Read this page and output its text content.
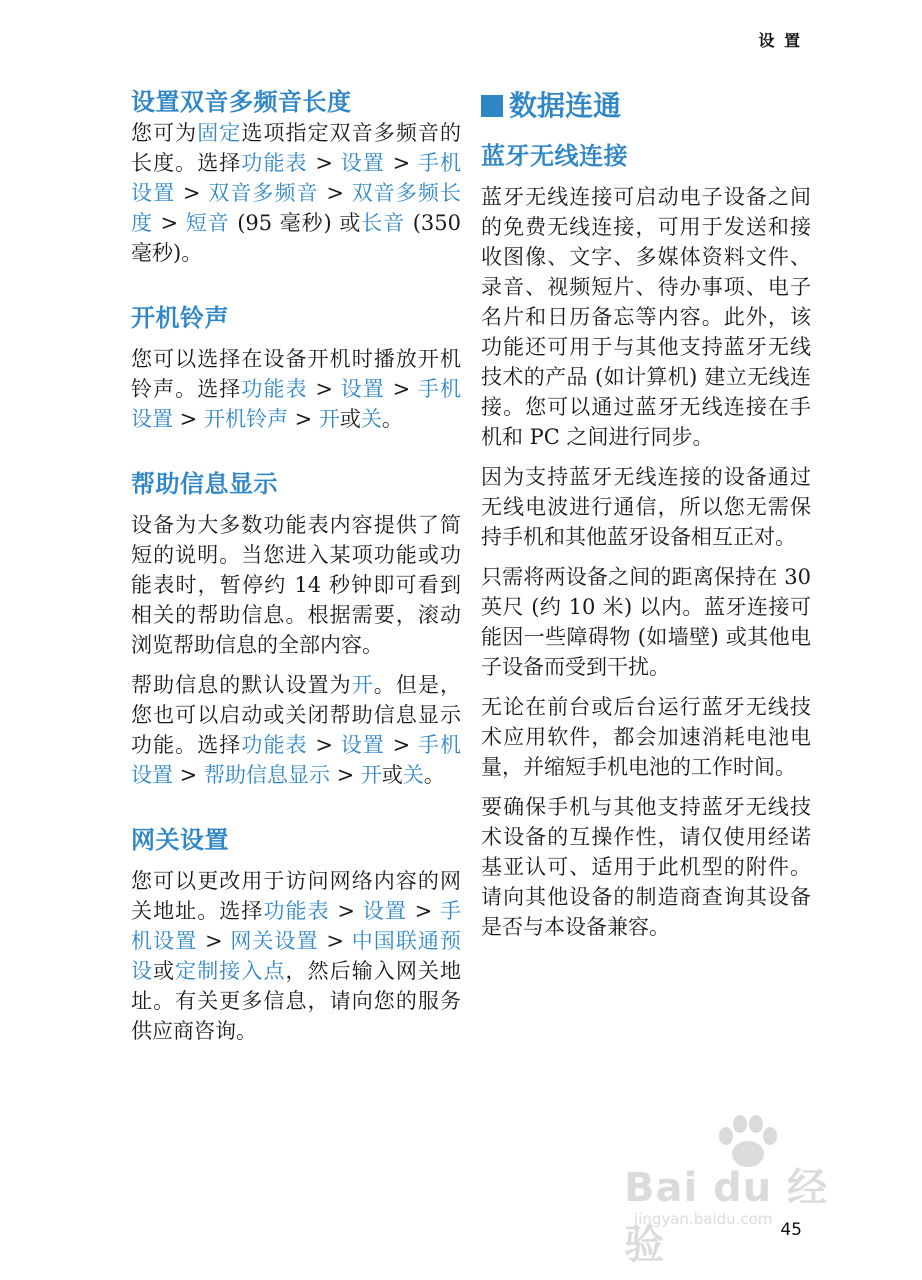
设 置
设置双音多频音长度

您可为固定选项指定双音多频音的长度。选择功能表 > 设置 > 手机设置 > 双音多频音 > 双音多频长度 > 短音 (95 毫秒) 或长音 (350 毫秒)。

开机铃声

您可以选择在设备开机时播放开机铃声。选择功能表 > 设置 > 手机设置 > 开机铃声 > 开或关。

帮助信息显示

设备为大多数功能表内容提供了简短的说明。当您进入某项功能或功能表时，暂停约 14 秒钟即可看到相关的帮助信息。根据需要，滚动浏览帮助信息的全部内容。

帮助信息的默认设置为开。但是，您也可以启动或关闭帮助信息显示功能。选择功能表 > 设置 > 手机设置 > 帮助信息显示 > 开或关。

网关设置

您可以更改用于访问网络内容的网关地址。选择功能表 > 设置 > 手机设置 > 网关设置 > 中国联通预设或定制接入点，然后输入网关地址。有关更多信息，请向您的服务供应商咨询。

数据连通
蓝牙无线连接

蓝牙无线连接可启动电子设备之间的免费无线连接，可用于发送和接收图像、文字、多媒体资料文件、录音、视频短片、待办事项、电子名片和日历备忘等内容。此外，该功能还可用于与其他支持蓝牙无线技术的产品 (如计算机) 建立无线连接。您可以通过蓝牙无线连接在手机和 PC 之间进行同步。

因为支持蓝牙无线连接的设备通过无线电波进行通信，所以您无需保持手机和其他蓝牙设备相互正对。

只需将两设备之间的距离保持在 30 英尺 (约 10 米) 以内。蓝牙连接可能因一些障碍物 (如墙壁) 或其他电子设备而受到干扰。

无论在前台或后台运行蓝牙无线技术应用软件，都会加速消耗电池电量，并缩短手机电池的工作时间。

要确保手机与其他支持蓝牙无线技术设备的互操作性，请仅使用经诺基亚认可、适用于此机型的附件。请向其他设备的制造商查询其设备是否与本设备兼容。

Bai du 经验
jingyan.baidu.com
45
